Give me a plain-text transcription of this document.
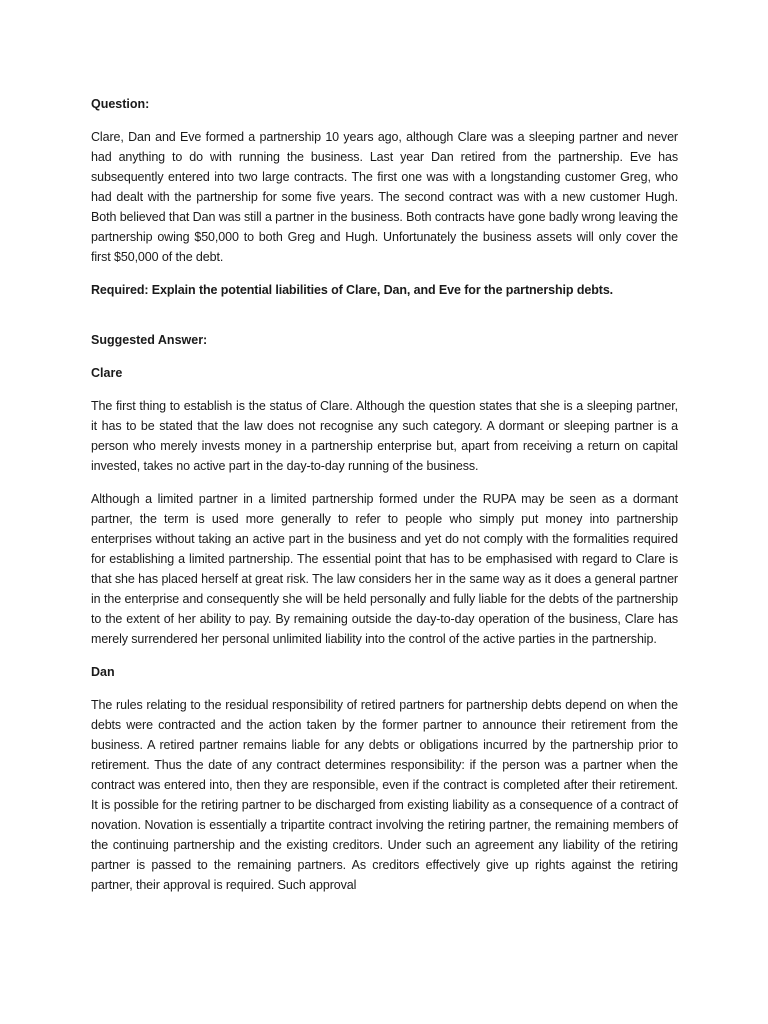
Question:

Clare, Dan and Eve formed a partnership 10 years ago, although Clare was a sleeping partner and never had anything to do with running the business. Last year Dan retired from the partnership. Eve has subsequently entered into two large contracts. The first one was with a longstanding customer Greg, who had dealt with the partnership for some five years. The second contract was with a new customer Hugh. Both believed that Dan was still a partner in the business. Both contracts have gone badly wrong leaving the partnership owing $50,000 to both Greg and Hugh. Unfortunately the business assets will only cover the first $50,000 of the debt.

Required: Explain the potential liabilities of Clare, Dan, and Eve for the partnership debts.

Suggested Answer:
Clare

The first thing to establish is the status of Clare. Although the question states that she is a sleeping partner, it has to be stated that the law does not recognise any such category. A dormant or sleeping partner is a person who merely invests money in a partnership enterprise but, apart from receiving a return on capital invested, takes no active part in the day-to-day running of the business.

Although a limited partner in a limited partnership formed under the RUPA may be seen as a dormant partner, the term is used more generally to refer to people who simply put money into partnership enterprises without taking an active part in the business and yet do not comply with the formalities required for establishing a limited partnership. The essential point that has to be emphasised with regard to Clare is that she has placed herself at great risk. The law considers her in the same way as it does a general partner in the enterprise and consequently she will be held personally and fully liable for the debts of the partnership to the extent of her ability to pay. By remaining outside the day-to-day operation of the business, Clare has merely surrendered her personal unlimited liability into the control of the active parties in the partnership.

Dan

The rules relating to the residual responsibility of retired partners for partnership debts depend on when the debts were contracted and the action taken by the former partner to announce their retirement from the business. A retired partner remains liable for any debts or obligations incurred by the partnership prior to retirement. Thus the date of any contract determines responsibility: if the person was a partner when the contract was entered into, then they are responsible, even if the contract is completed after their retirement. It is possible for the retiring partner to be discharged from existing liability as a consequence of a contract of novation. Novation is essentially a tripartite contract involving the retiring partner, the remaining members of the continuing partnership and the existing creditors. Under such an agreement any liability of the retiring partner is passed to the remaining partners. As creditors effectively give up rights against the retiring partner, their approval is required. Such approval
